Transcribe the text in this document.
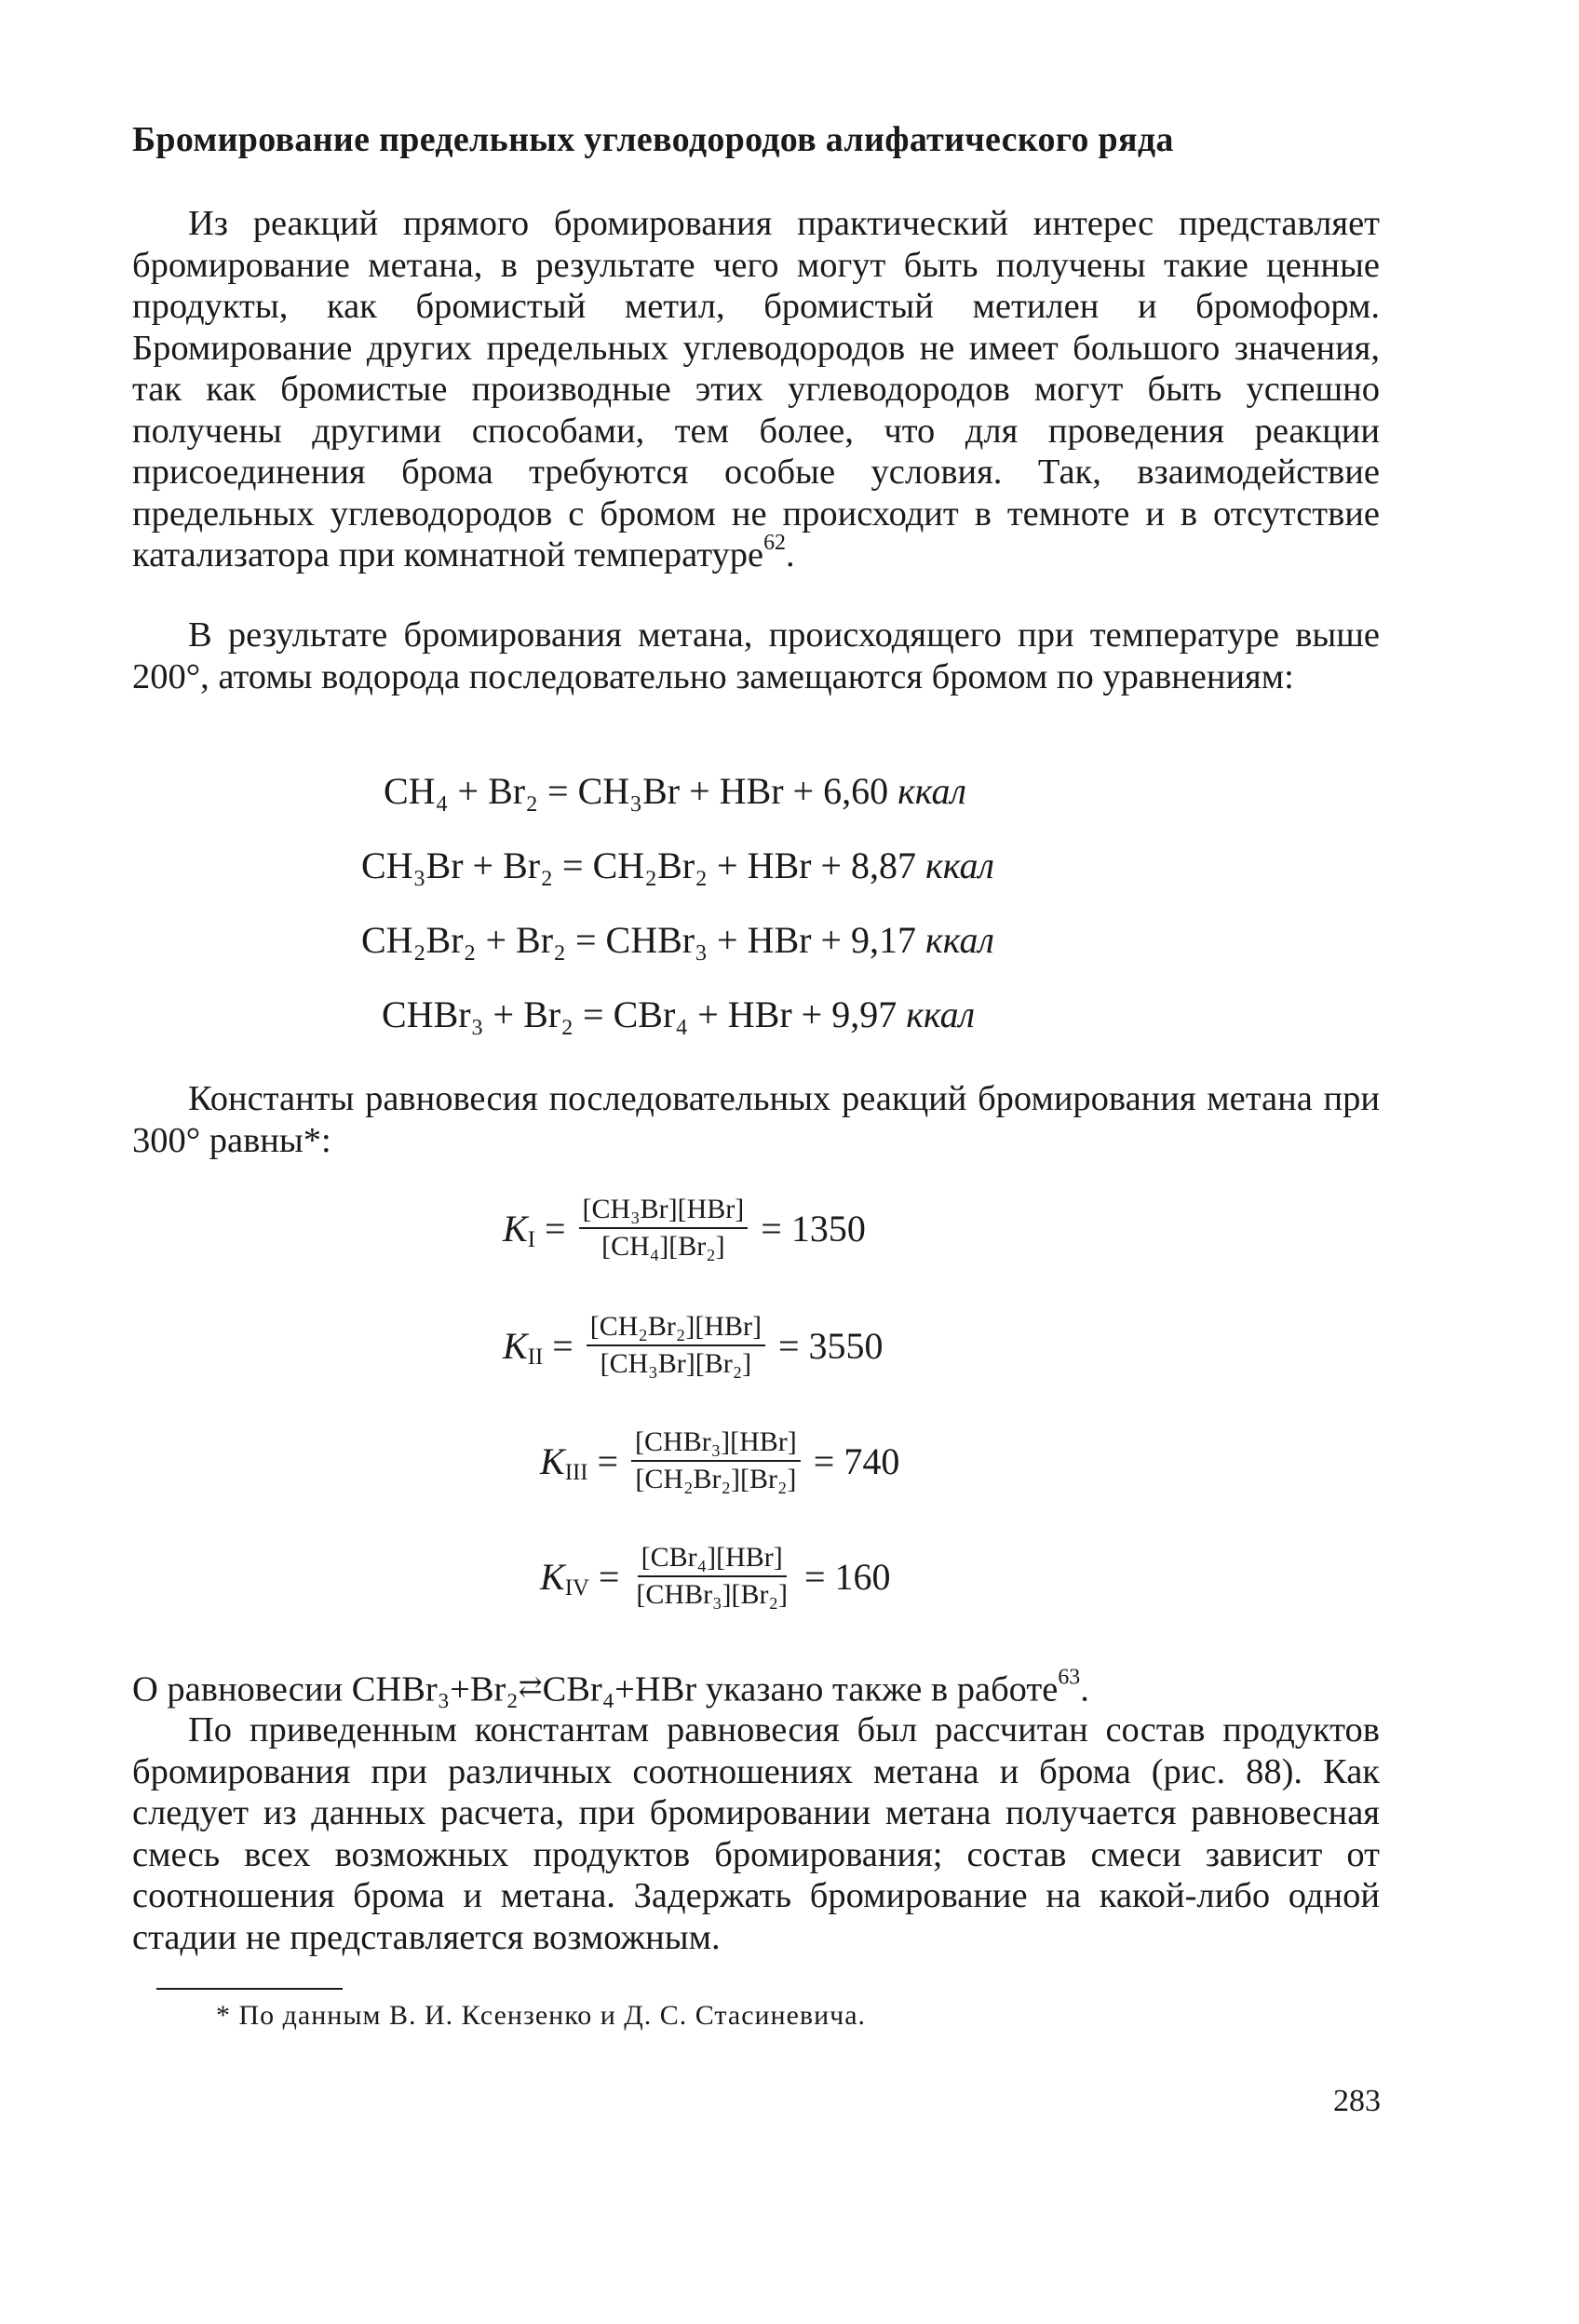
Бромирование предельных углеводородов алифатического ряда

Из реакций прямого бромирования практический интерес представляет бромирование метана, в результате чего могут быть получены такие ценные продукты, как бромистый метил, бромистый метилен и бромоформ. Бромирование других предельных углеводородов не имеет большого значения, так как бромистые производные этих углеводородов могут быть успешно получены другими способами, тем более, что для проведения реакции присоединения брома требуются особые условия. Так, взаимодействие предельных углеводородов с бромом не происходит в темноте и в отсутствие катализатора при комнатной температуре$^{62}$.

В результате бромирования метана, происходящего при температуре выше 200°, атомы водорода последовательно замещаются бромом по уравнениям:

CH₄ + Br₂ = CH₃Br + HBr + 6,60 ккал
CH₃Br + Br₂ = CH₂Br₂ + HBr + 8,87 ккал
CH₂Br₂ + Br₂ = CHBr₃ + HBr + 9,17 ккал
CHBr₃ + Br₂ = CBr₄ + HBr + 9,97 ккал

Константы равновесия последовательных реакций бромирования метана при 300° равны*:

$K_I = \frac{\text{[CH₃Br][HBr]}}{\text{[CH₄][Br₂]}} = 1350$
$K_{II} = \frac{\text{[CH₂Br₂][HBr]}}{\text{[CH₃Br][Br₂]}} = 3550$
$K_{III} = \frac{\text{[CHBr₃][HBr]}}{\text{[CH₂Br₂][Br₂]}} = 740$
$K_{IV} = \frac{\text{[CBr₄][HBr]}}{\text{[CHBr₃][Br₂]}} = 160$

О равновесии CHBr₃+Br₂⇄CBr₄+HBr указано также в работе$^{63}$.

По приведенным константам равновесия был рассчитан состав продуктов бромирования при различных соотношениях метана и брома (рис. 88). Как следует из данных расчета, при бромировании метана получается равновесная смесь всех возможных продуктов бромирования; состав смеси зависит от соотношения брома и метана. Задержать бромирование на какой-либо одной стадии не представляется возможным.

* По данным В. И. Ксензенко и Д. С. Стасиневича.
283
